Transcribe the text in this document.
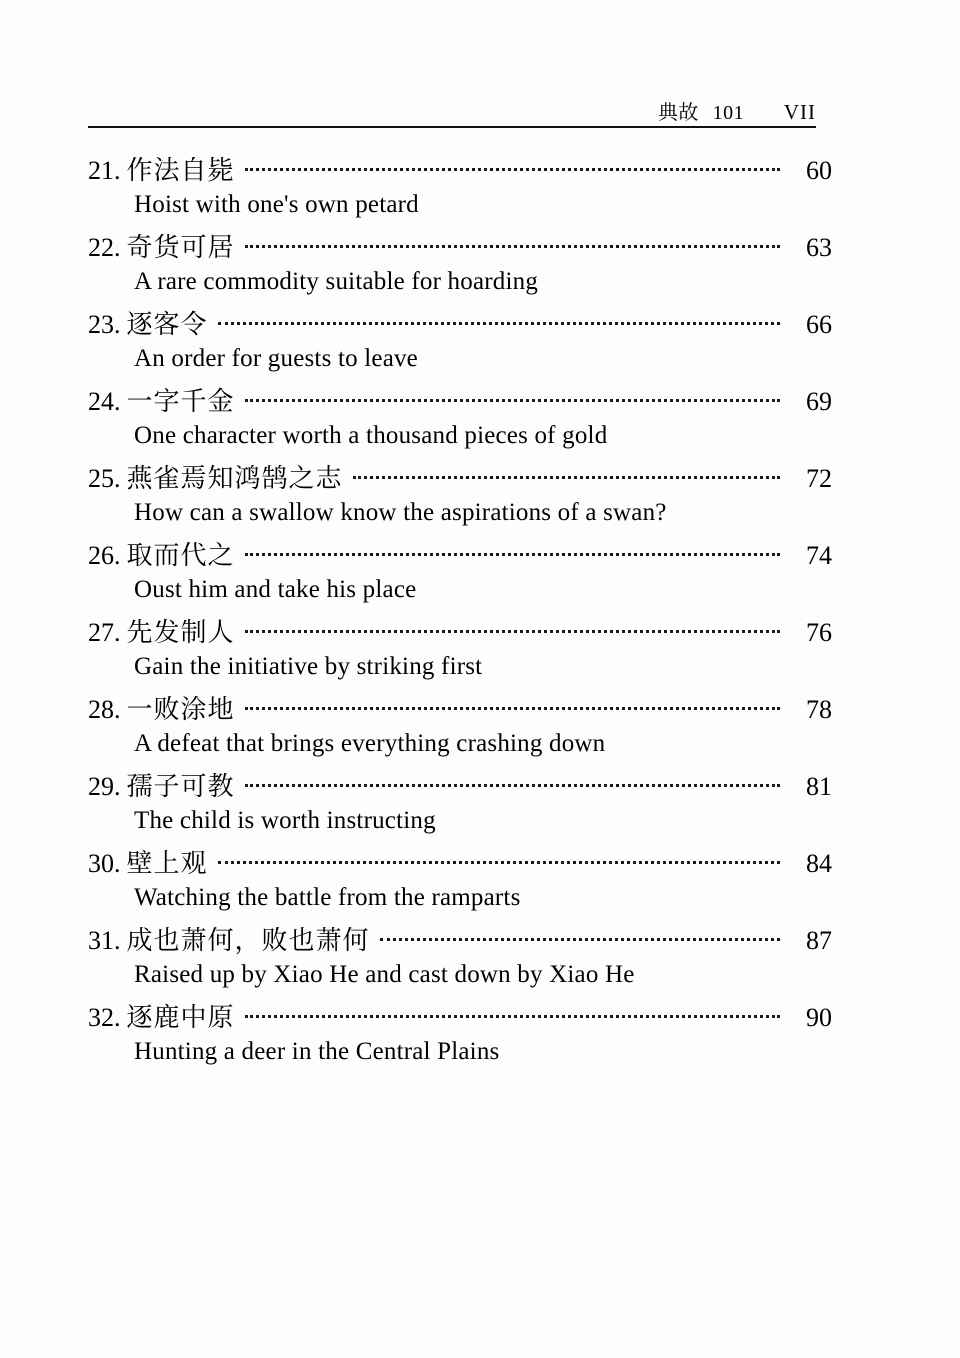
典故 101 VII
21. 作法自毙	60
Hoist with one's own petard
22. 奇货可居	63
A rare commodity suitable for hoarding
23. 逐客令	66
An order for guests to leave
24. 一字千金	69
One character worth a thousand pieces of gold
25. 燕雀焉知鸿鹄之志	72
How can a swallow know the aspirations of a swan?
26. 取而代之	74
Oust him and take his place
27. 先发制人	76
Gain the initiative by striking first
28. 一败涂地	78
A defeat that brings everything crashing down
29. 孺子可教	81
The child is worth instructing
30. 壁上观	84
Watching the battle from the ramparts
31. 成也萧何，败也萧何	87
Raised up by Xiao He and cast down by Xiao He
32. 逐鹿中原	90
Hunting a deer in the Central Plains
